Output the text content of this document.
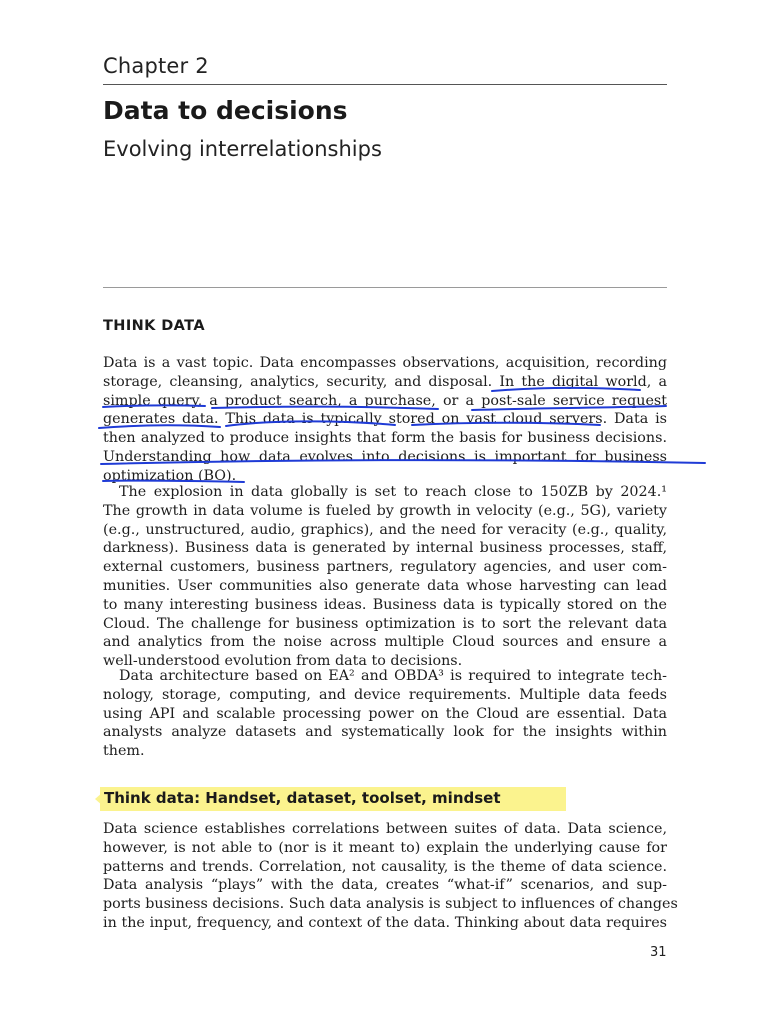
Chapter 2
Data to decisions
Evolving interrelationships
THINK DATA
Data is a vast topic. Data encompasses observations, acquisition, recording
storage, cleansing, analytics, security, and disposal. In the digital world, a
simple query, a product search, a purchase, or a post-sale service request
generates data. This data is typically stored on vast cloud servers. Data is
then analyzed to produce insights that form the basis for business decisions.
Understanding how data evolves into decisions is important for business
optimization (BO).
The explosion in data globally is set to reach close to 150ZB by 2024.¹
The growth in data volume is fueled by growth in velocity (e.g., 5G), variety
(e.g., unstructured, audio, graphics), and the need for veracity (e.g., quality,
darkness). Business data is generated by internal business processes, staff,
external customers, business partners, regulatory agencies, and user com-
munities. User communities also generate data whose harvesting can lead
to many interesting business ideas. Business data is typically stored on the
Cloud. The challenge for business optimization is to sort the relevant data
and analytics from the noise across multiple Cloud sources and ensure a
well-understood evolution from data to decisions.
Data architecture based on EA² and OBDA³ is required to integrate tech-
nology, storage, computing, and device requirements. Multiple data feeds
using API and scalable processing power on the Cloud are essential. Data
analysts analyze datasets and systematically look for the insights within
them.
Think data: Handset, dataset, toolset, mindset
Data science establishes correlations between suites of data. Data science,
however, is not able to (nor is it meant to) explain the underlying cause for
patterns and trends. Correlation, not causality, is the theme of data science.
Data analysis “plays” with the data, creates “what-if” scenarios, and sup-
ports business decisions. Such data analysis is subject to influences of changes
in the input, frequency, and context of the data. Thinking about data requires
31
